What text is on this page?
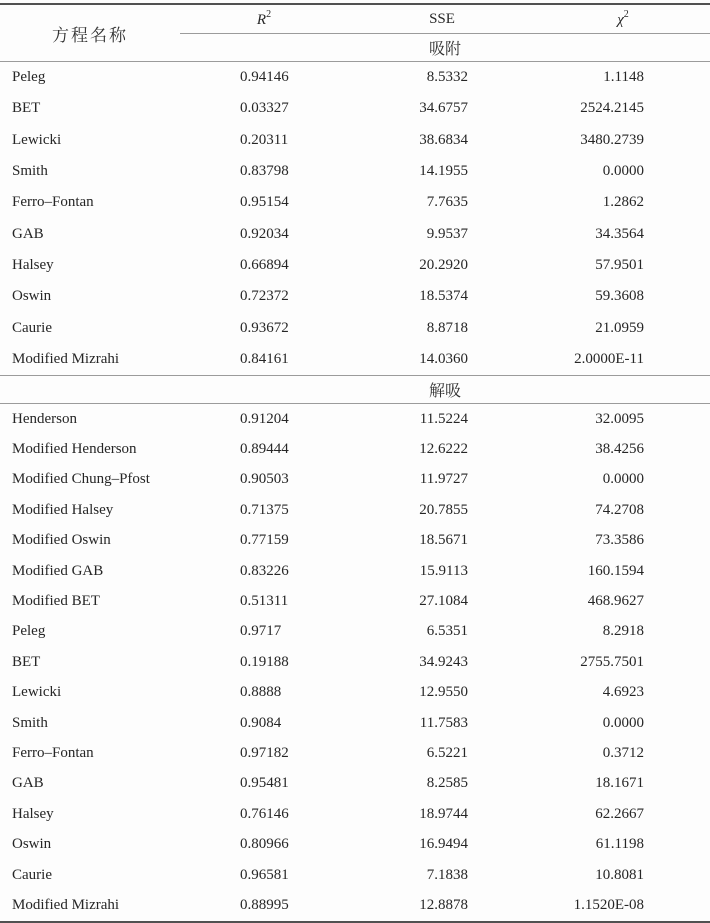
方程名称
$R^2$	SSE	$\chi^2$
吸附
Peleg	0.94146	8.5332	1.1148
BET	0.03327	34.6757	2524.2145
Lewicki	0.20311	38.6834	3480.2739
Smith	0.83798	14.1955	0.0000
Ferro–Fontan	0.95154	7.7635	1.2862
GAB	0.92034	9.9537	34.3564
Halsey	0.66894	20.2920	57.9501
Oswin	0.72372	18.5374	59.3608
Caurie	0.93672	8.8718	21.0959
Modified Mizrahi	0.84161	14.0360	2.0000E-11
解吸
Henderson	0.91204	11.5224	32.0095
Modified Henderson	0.89444	12.6222	38.4256
Modified Chung–Pfost	0.90503	11.9727	0.0000
Modified Halsey	0.71375	20.7855	74.2708
Modified Oswin	0.77159	18.5671	73.3586
Modified GAB	0.83226	15.9113	160.1594
Modified BET	0.51311	27.1084	468.9627
Peleg	0.9717	6.5351	8.2918
BET	0.19188	34.9243	2755.7501
Lewicki	0.8888	12.9550	4.6923
Smith	0.9084	11.7583	0.0000
Ferro–Fontan	0.97182	6.5221	0.3712
GAB	0.95481	8.2585	18.1671
Halsey	0.76146	18.9744	62.2667
Oswin	0.80966	16.9494	61.1198
Caurie	0.96581	7.1838	10.8081
Modified Mizrahi	0.88995	12.8878	1.1520E-08
